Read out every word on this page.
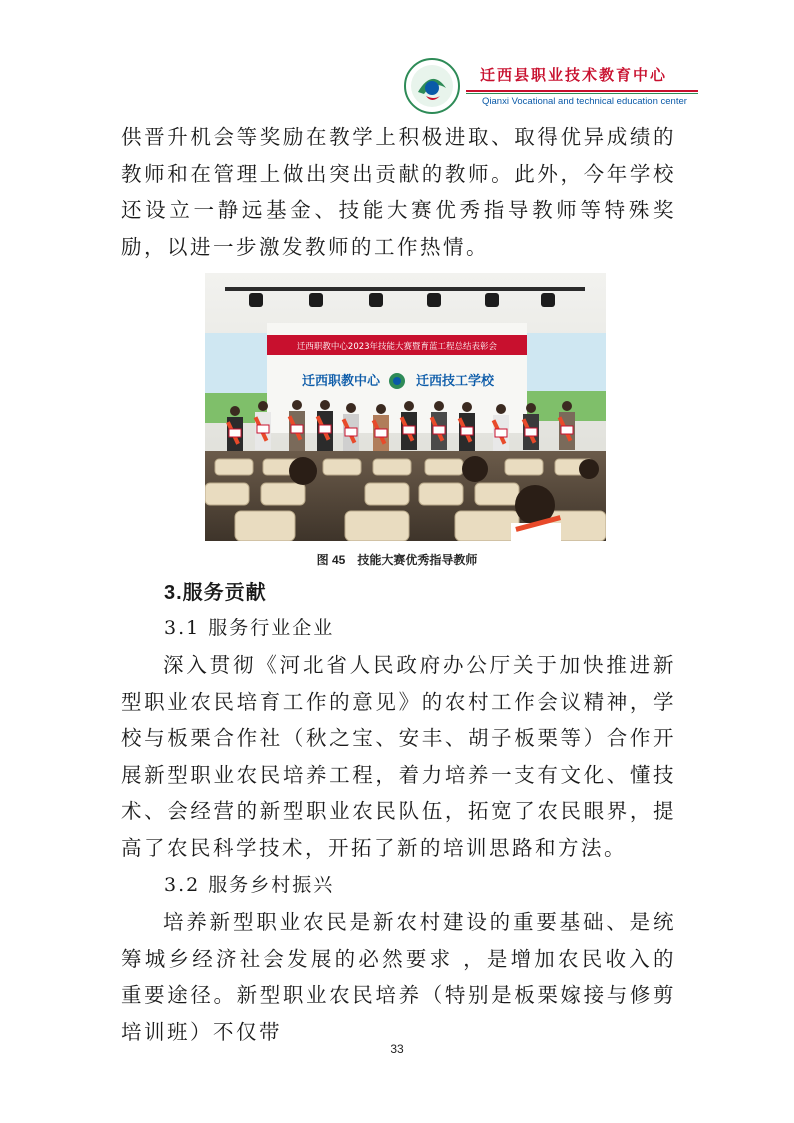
迁西县职业技术教育中心
Qianxi Vocational and technical education center
供晋升机会等奖励在教学上积极进取、取得优异成绩的教师和在管理上做出突出贡献的教师。此外，今年学校还设立一静远基金、技能大赛优秀指导教师等特殊奖励，以进一步激发教师的工作热情。
迁西职教中心2023年技能大赛暨育蓝工程总结表彰会
迁西职教中心	迁西技工学校
图 45 技能大赛优秀指导教师
3.服务贡献
3.1 服务行业企业
深入贯彻《河北省人民政府办公厅关于加快推进新型职业农民培育工作的意见》的农村工作会议精神，学校与板栗合作社（秋之宝、安丰、胡子板栗等）合作开展新型职业农民培养工程，着力培养一支有文化、懂技术、会经营的新型职业农民队伍，拓宽了农民眼界，提高了农民科学技术，开拓了新的培训思路和方法。
3.2 服务乡村振兴
培养新型职业农民是新农村建设的重要基础、是统筹城乡经济社会发展的必然要求 ，是增加农民收入的重要途径。新型职业农民培养（特别是板栗嫁接与修剪培训班）不仅带
33
